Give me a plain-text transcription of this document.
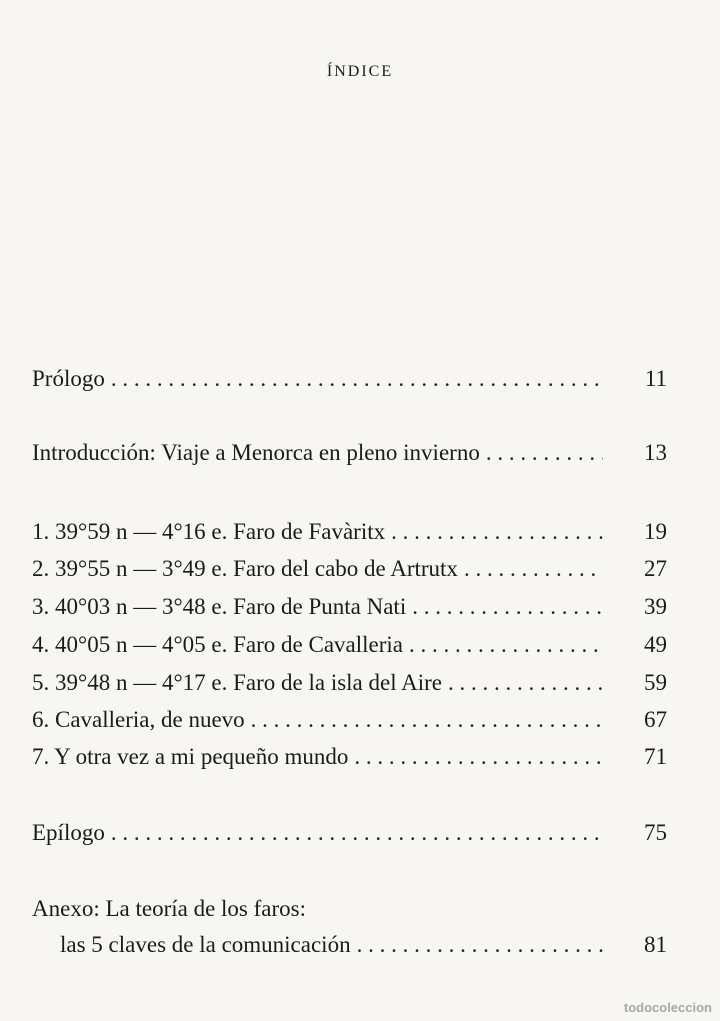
índice
Prólogo . . .	11
Introducción: Viaje a Menorca en pleno invierno . . .	13
1. 39°59 n — 4°16 e. Faro de Favàritx . . .	19
2. 39°55 n — 3°49 e. Faro del cabo de Artrutx . . .	27
3. 40°03 n — 3°48 e. Faro de Punta Nati . . .	39
4. 40°05 n — 4°05 e. Faro de Cavalleria . . .	49
5. 39°48 n — 4°17 e. Faro de la isla del Aire . . .	59
6. Cavalleria, de nuevo . . .	67
7. Y otra vez a mi pequeño mundo . . .	71
Epílogo . . .	75
Anexo: La teoría de los faros:
las 5 claves de la comunicación . . .	81
todocoleccion
